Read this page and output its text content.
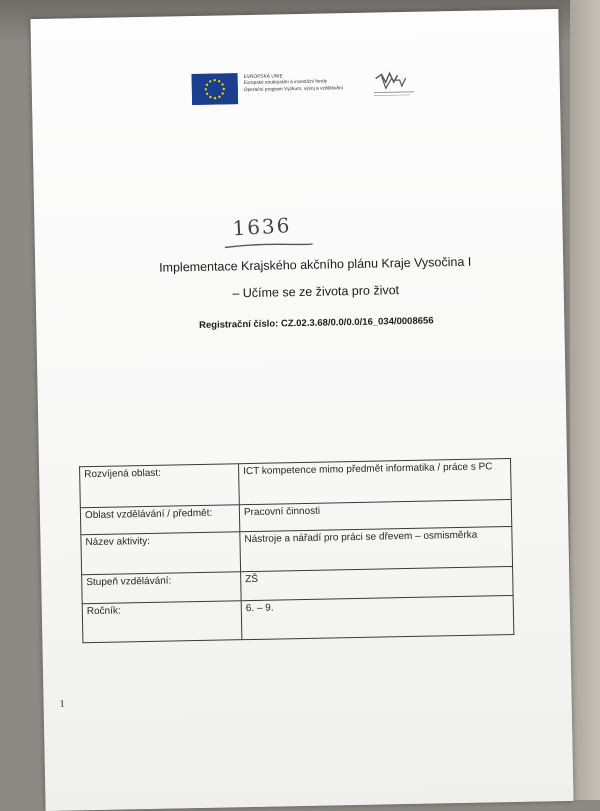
EVROPSKÁ UNIE
Evropské strukturální a investiční fondy
Operační program Výzkum, vývoj a vzdělávání
1636
Implementace Krajského akčního plánu Kraje Vysočina I
– Učíme se ze života pro život
Registrační číslo: CZ.02.3.68/0.0/0.0/16_034/0008656
Rozvíjená oblast:	ICT kompetence mimo předmět informatika / práce s PC
Oblast vzdělávání / předmět:	Pracovní činnosti
Název aktivity:	Nástroje a nářadí pro práci se dřevem – osmisměrka
Stupeň vzdělávání:	ZŠ
Ročník:	6. – 9.
1
